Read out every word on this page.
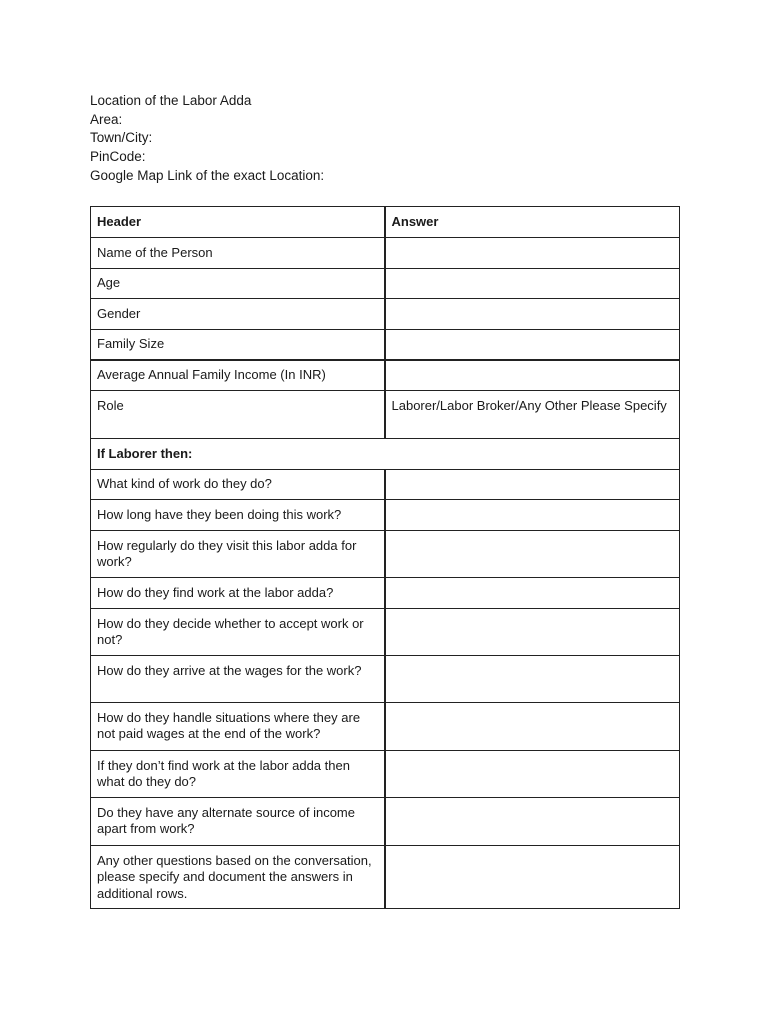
Location of the Labor Adda
Area:
Town/City:
PinCode:
Google Map Link of the exact Location:
Header	Answer
Name of the Person	
Age	
Gender	
Family Size	
Average Annual Family Income (In INR)	
Role	Laborer/Labor Broker/Any Other Please Specify
If Laborer then:	
What kind of work do they do?	
How long have they been doing this work?	
How regularly do they visit this labor adda for work?	
How do they find work at the labor adda?	
How do they decide whether to accept work or not?	
How do they arrive at the wages for the work?	
How do they handle situations where they are not paid wages at the end of the work?	
If they don’t find work at the labor adda then what do they do?	
Do they have any alternate source of income apart from work?	
Any other questions based on the conversation, please specify and document the answers in additional rows.	
